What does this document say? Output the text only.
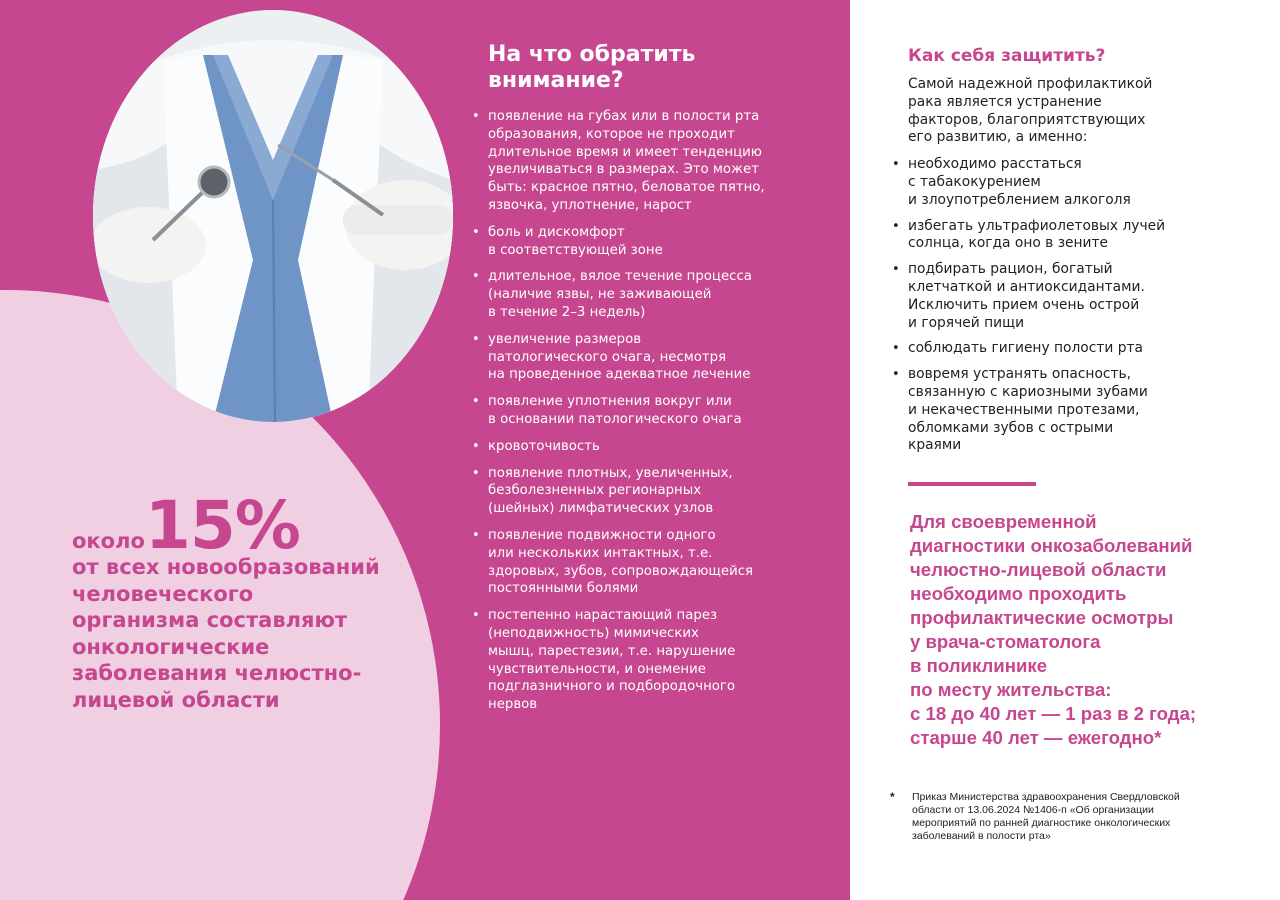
около15%
от всех новообразований
человеческого
организма составляют
онкологические
заболевания челюстно-
лицевой области
На что обратить
внимание?
• появление на губах или в полости рта
образования, которое не проходит
длительное время и имеет тенденцию
увеличиваться в размерах. Это может
быть: красное пятно, беловатое пятно,
язвочка, уплотнение, нарост
• боль и дискомфорт
в соответствующей зоне
• длительное, вялое течение процесса
(наличие язвы, не заживающей
в течение 2–3 недель)
• увеличение размеров
патологического очага, несмотря
на проведенное адекватное лечение
• появление уплотнения вокруг или
в основании патологического очага
• кровоточивость
• появление плотных, увеличенных,
безболезненных регионарных
(шейных) лимфатических узлов
• появление подвижности одного
или нескольких интактных, т.е.
здоровых, зубов, сопровождающейся
постоянными болями
• постепенно нарастающий парез
(неподвижность) мимических
мышц, парестезии, т.е. нарушение
чувствительности, и онемение
подглазничного и подбородочного
нервов
Как себя защитить?

Самой надежной профилактикой
рака является устранение
факторов, благоприятствующих
его развитию, а именно:

• необходимо расстаться
с табакокурением
и злоупотреблением алкоголя
• избегать ультрафиолетовых лучей
солнца, когда оно в зените
• подбирать рацион, богатый
клетчаткой и антиоксидантами.
Исключить прием очень острой
и горячей пищи
• соблюдать гигиену полости рта
• вовремя устранять опасность,
связанную с кариозными зубами
и некачественными протезами,
обломками зубов с острыми
краями
Для своевременной
диагностики онкозаболеваний
челюстно-лицевой области
необходимо проходить
профилактические осмотры
у врача-стоматолога
в поликлинике
по месту жительства:
с 18 до 40 лет — 1 раз в 2 года;
старше 40 лет — ежегодно*
* Приказ Министерства здравоохранения Свердловской
области от 13.06.2024 №1406-п «Об организации
мероприятий по ранней диагностике онкологических
заболеваний в полости рта»
